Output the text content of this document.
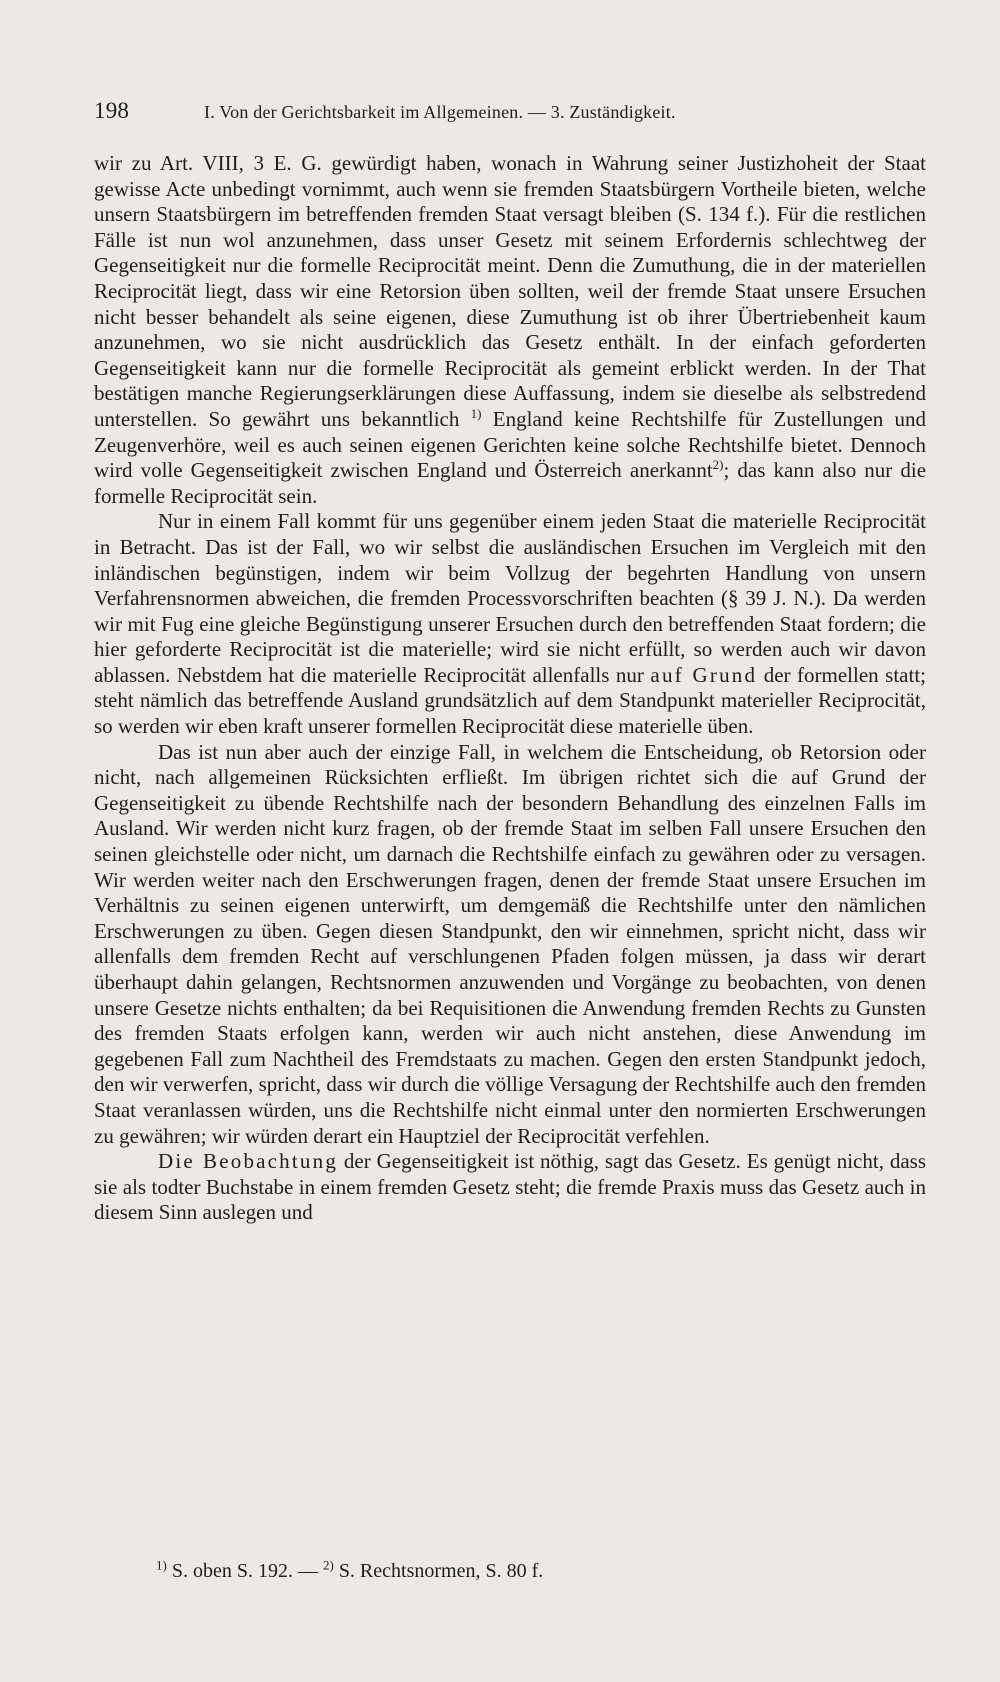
198	I. Von der Gerichtsbarkeit im Allgemeinen. — 3. Zuständigkeit.

wir zu Art. VIII, 3 E. G. gewürdigt haben, wonach in Wahrung seiner Justizhoheit der Staat gewisse Acte unbedingt vornimmt, auch wenn sie fremden Staatsbürgern Vortheile bieten, welche unsern Staatsbürgern im betreffenden fremden Staat versagt bleiben (S. 134 f.). Für die restlichen Fälle ist nun wol anzunehmen, dass unser Gesetz mit seinem Erfordernis schlechtweg der Gegenseitigkeit nur die formelle Reciprocität meint. Denn die Zumuthung, die in der materiellen Reciprocität liegt, dass wir eine Retorsion üben sollten, weil der fremde Staat unsere Ersuchen nicht besser behandelt als seine eigenen, diese Zumuthung ist ob ihrer Übertriebenheit kaum anzunehmen, wo sie nicht ausdrücklich das Gesetz enthält. In der einfach geforderten Gegenseitigkeit kann nur die formelle Reciprocität als gemeint erblickt werden. In der That bestätigen manche Regierungserklärungen diese Auffassung, indem sie dieselbe als selbstredend unterstellen. So gewährt uns bekanntlich $^{1)}$ England keine Rechtshilfe für Zustellungen und Zeugenverhöre, weil es auch seinen eigenen Gerichten keine solche Rechtshilfe bietet. Dennoch wird volle Gegenseitigkeit zwischen England und Österreich anerkannt$^{2)}$; das kann also nur die formelle Reciprocität sein.

Nur in einem Fall kommt für uns gegenüber einem jeden Staat die materielle Reciprocität in Betracht. Das ist der Fall, wo wir selbst die ausländischen Ersuchen im Vergleich mit den inländischen begünstigen, indem wir beim Vollzug der begehrten Handlung von unsern Verfahrensnormen abweichen, die fremden Processvorschriften beachten (§ 39 J. N.). Da werden wir mit Fug eine gleiche Begünstigung unserer Ersuchen durch den betreffenden Staat fordern; die hier geforderte Reciprocität ist die materielle; wird sie nicht erfüllt, so werden auch wir davon ablassen. Nebstdem hat die materielle Reciprocität allenfalls nur auf Grund der formellen statt; steht nämlich das betreffende Ausland grundsätzlich auf dem Standpunkt materieller Reciprocität, so werden wir eben kraft unserer formellen Reciprocität diese materielle üben.

Das ist nun aber auch der einzige Fall, in welchem die Entscheidung, ob Retorsion oder nicht, nach allgemeinen Rücksichten erfließt. Im übrigen richtet sich die auf Grund der Gegenseitigkeit zu übende Rechtshilfe nach der besondern Behandlung des einzelnen Falls im Ausland. Wir werden nicht kurz fragen, ob der fremde Staat im selben Fall unsere Ersuchen den seinen gleichstelle oder nicht, um darnach die Rechtshilfe einfach zu gewähren oder zu versagen. Wir werden weiter nach den Erschwerungen fragen, denen der fremde Staat unsere Ersuchen im Verhältnis zu seinen eigenen unterwirft, um demgemäß die Rechtshilfe unter den nämlichen Erschwerungen zu üben. Gegen diesen Standpunkt, den wir einnehmen, spricht nicht, dass wir allenfalls dem fremden Recht auf verschlungenen Pfaden folgen müssen, ja dass wir derart überhaupt dahin gelangen, Rechtsnormen anzuwenden und Vorgänge zu beobachten, von denen unsere Gesetze nichts enthalten; da bei Requisitionen die Anwendung fremden Rechts zu Gunsten des fremden Staats erfolgen kann, werden wir auch nicht anstehen, diese Anwendung im gegebenen Fall zum Nachtheil des Fremdstaats zu machen. Gegen den ersten Standpunkt jedoch, den wir verwerfen, spricht, dass wir durch die völlige Versagung der Rechtshilfe auch den fremden Staat veranlassen würden, uns die Rechtshilfe nicht einmal unter den normierten Erschwerungen zu gewähren; wir würden derart ein Hauptziel der Reciprocität verfehlen.

Die Beobachtung der Gegenseitigkeit ist nöthig, sagt das Gesetz. Es genügt nicht, dass sie als todter Buchstabe in einem fremden Gesetz steht; die fremde Praxis muss das Gesetz auch in diesem Sinn auslegen und

$^{1)}$ S. oben S. 192. — $^{2)}$ S. Rechtsnormen, S. 80 f.
